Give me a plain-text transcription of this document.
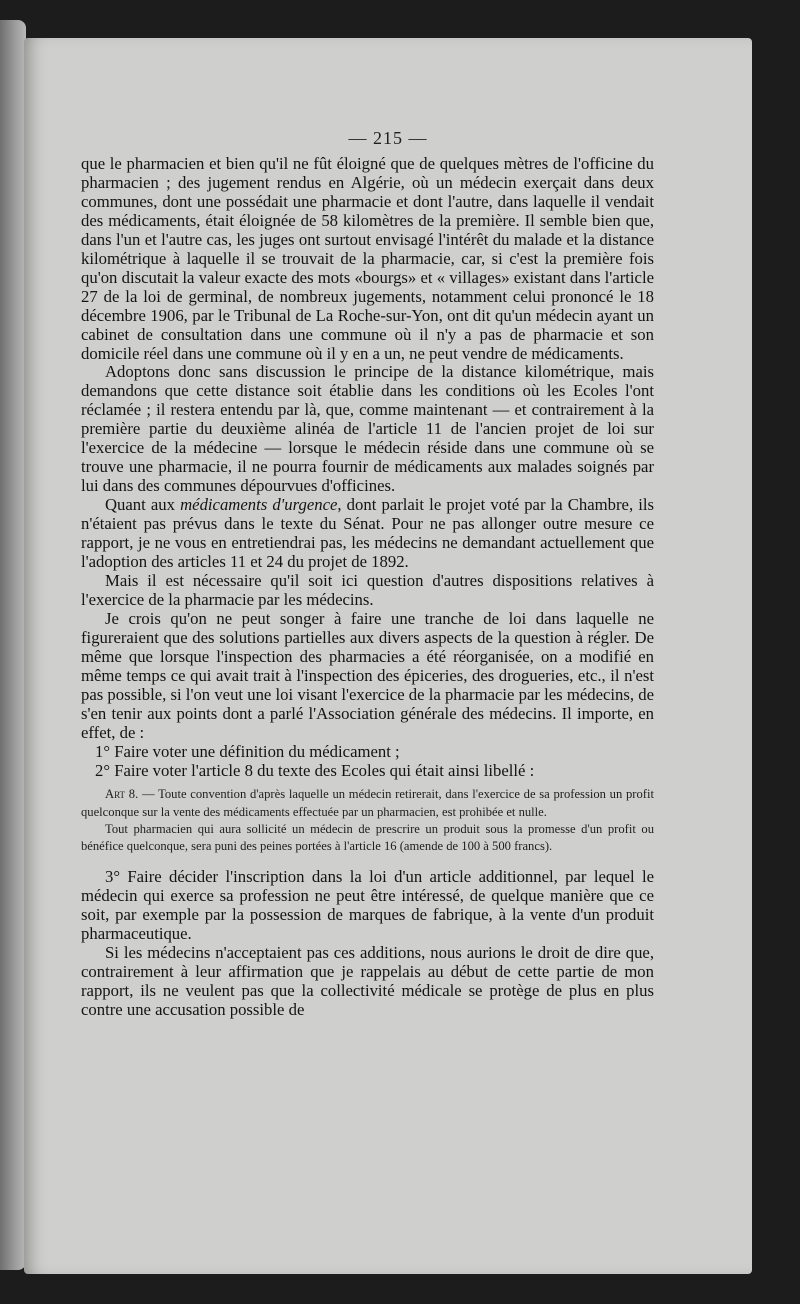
— 215 —

que le pharmacien et bien qu'il ne fût éloigné que de quelques mètres de l'officine du pharmacien ; des jugement rendus en Algérie, où un médecin exerçait dans deux communes, dont une possédait une pharmacie et dont l'autre, dans laquelle il vendait des médicaments, était éloignée de 58 kilomètres de la première. Il semble bien que, dans l'un et l'autre cas, les juges ont surtout envisagé l'intérêt du malade et la distance kilométrique à laquelle il se trouvait de la pharmacie, car, si c'est la première fois qu'on discutait la valeur exacte des mots «bourgs» et « villages» existant dans l'article 27 de la loi de germinal, de nombreux jugements, notamment celui prononcé le 18 décembre 1906, par le Tribunal de La Roche-sur-Yon, ont dit qu'un médecin ayant un cabinet de consultation dans une commune où il n'y a pas de pharmacie et son domicile réel dans une commune où il y en a un, ne peut vendre de médicaments.

Adoptons donc sans discussion le principe de la distance kilométrique, mais demandons que cette distance soit établie dans les conditions où les Ecoles l'ont réclamée ; il restera entendu par là, que, comme maintenant — et contrairement à la première partie du deuxième alinéa de l'article 11 de l'ancien projet de loi sur l'exercice de la médecine — lorsque le médecin réside dans une commune où se trouve une pharmacie, il ne pourra fournir de médicaments aux malades soignés par lui dans des communes dépourvues d'officines.

Quant aux médicaments d'urgence, dont parlait le projet voté par la Chambre, ils n'étaient pas prévus dans le texte du Sénat. Pour ne pas allonger outre mesure ce rapport, je ne vous en entretiendrai pas, les médecins ne demandant actuellement que l'adoption des articles 11 et 24 du projet de 1892.

Mais il est nécessaire qu'il soit ici question d'autres dispositions relatives à l'exercice de la pharmacie par les médecins.

Je crois qu'on ne peut songer à faire une tranche de loi dans laquelle ne figureraient que des solutions partielles aux divers aspects de la question à régler. De même que lorsque l'inspection des pharmacies a été réorganisée, on a modifié en même temps ce qui avait trait à l'inspection des épiceries, des drogueries, etc., il n'est pas possible, si l'on veut une loi visant l'exercice de la pharmacie par les médecins, de s'en tenir aux points dont a parlé l'Association générale des médecins. Il importe, en effet, de :

1° Faire voter une définition du médicament ;

2° Faire voter l'article 8 du texte des Ecoles qui était ainsi libellé :

Art 8. — Toute convention d'après laquelle un médecin retirerait, dans l'exercice de sa profession un profit quelconque sur la vente des médicaments effectuée par un pharmacien, est prohibée et nulle.

Tout pharmacien qui aura sollicité un médecin de prescrire un produit sous la promesse d'un profit ou bénéfice quelconque, sera puni des peines portées à l'article 16 (amende de 100 à 500 francs).

3° Faire décider l'inscription dans la loi d'un article additionnel, par lequel le médecin qui exerce sa profession ne peut être intéressé, de quelque manière que ce soit, par exemple par la possession de marques de fabrique, à la vente d'un produit pharmaceutique.

Si les médecins n'acceptaient pas ces additions, nous aurions le droit de dire que, contrairement à leur affirmation que je rappelais au début de cette partie de mon rapport, ils ne veulent pas que la collectivité médicale se protège de plus en plus contre une accusation possible de
